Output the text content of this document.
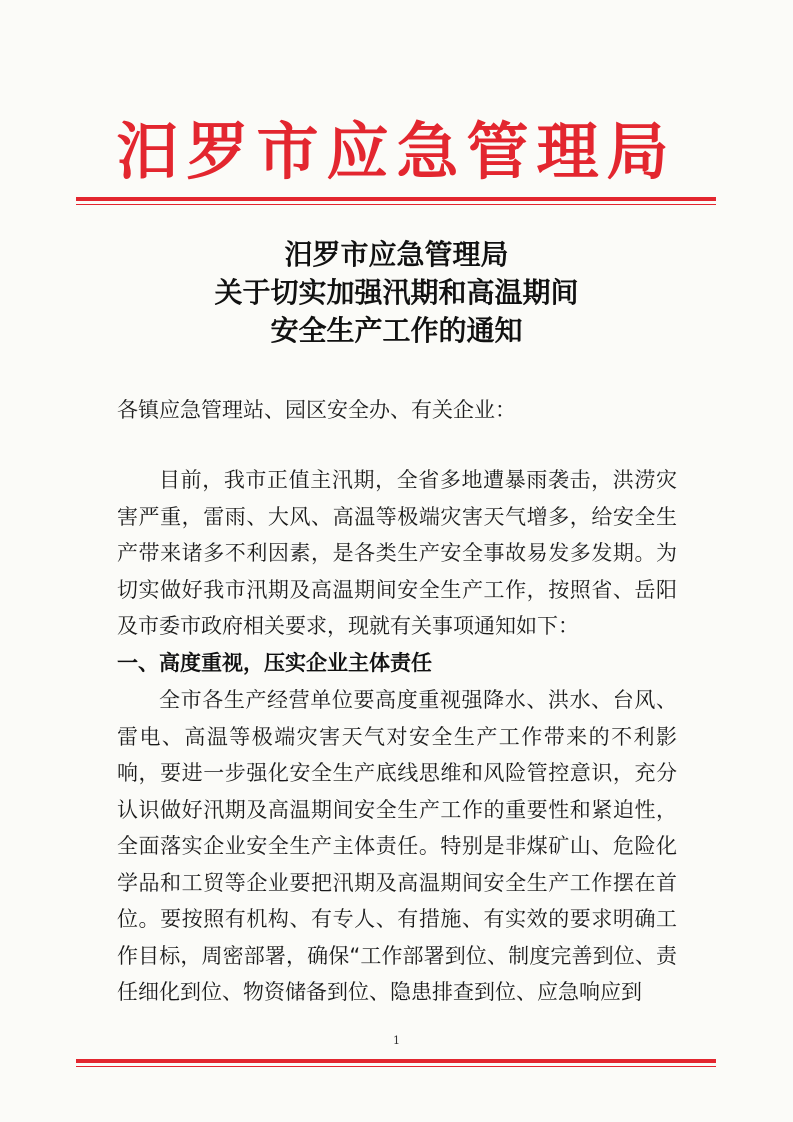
汨罗市应急管理局
汨罗市应急管理局
关于切实加强汛期和高温期间
安全生产工作的通知
各镇应急管理站、园区安全办、有关企业：

目前，我市正值主汛期，全省多地遭暴雨袭击，洪涝灾害严重，雷雨、大风、高温等极端灾害天气增多，给安全生产带来诸多不利因素，是各类生产安全事故易发多发期。为切实做好我市汛期及高温期间安全生产工作，按照省、岳阳及市委市政府相关要求，现就有关事项通知如下：

一、高度重视，压实企业主体责任

全市各生产经营单位要高度重视强降水、洪水、台风、雷电、高温等极端灾害天气对安全生产工作带来的不利影响，要进一步强化安全生产底线思维和风险管控意识，充分认识做好汛期及高温期间安全生产工作的重要性和紧迫性，全面落实企业安全生产主体责任。特别是非煤矿山、危险化学品和工贸等企业要把汛期及高温期间安全生产工作摆在首位。要按照有机构、有专人、有措施、有实效的要求明确工作目标，周密部署，确保“工作部署到位、制度完善到位、责任细化到位、物资储备到位、隐患排查到位、应急响应到

1
